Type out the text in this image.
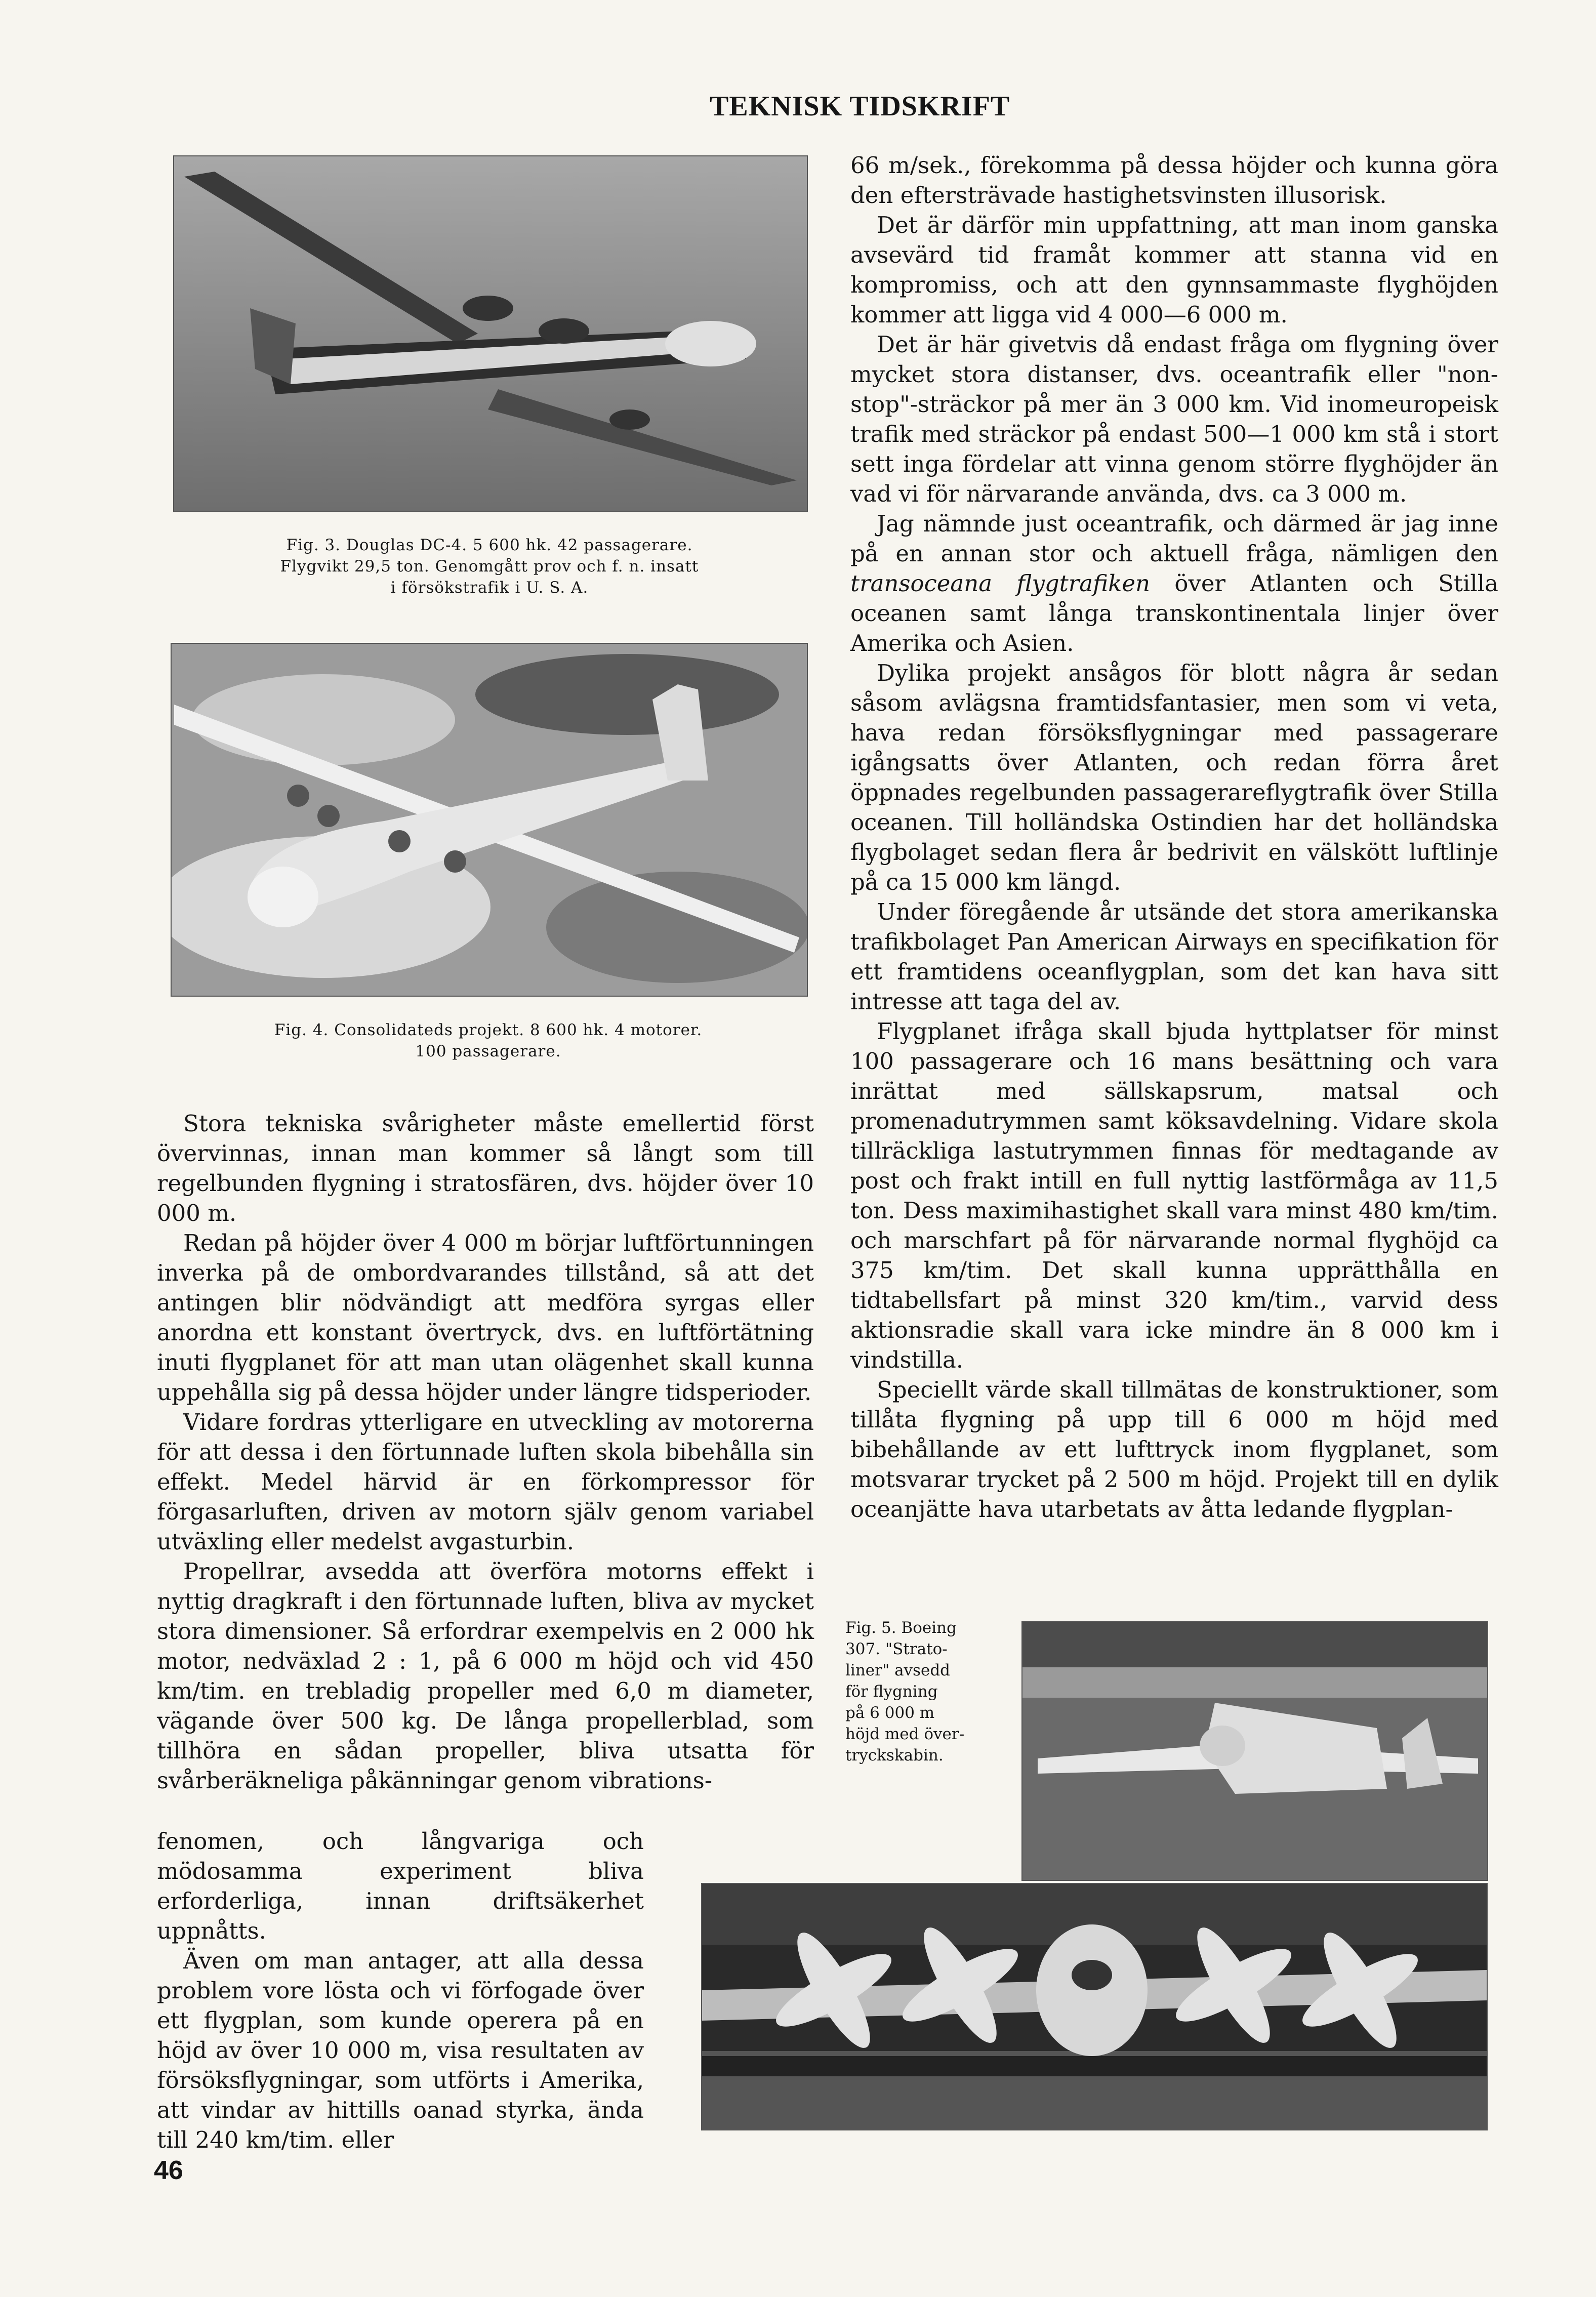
TEKNISK TIDSKRIFT

Fig. 3. Douglas DC-4. 5 600 hk. 42 passagerare.

Flygvikt 29,5 ton. Genomgått prov och f. n. insatt

i försökstrafik i U. S. A.

Fig. 4. Consolidateds projekt. 8 600 hk. 4 motorer.

100 passagerare.

Stora tekniska svårigheter måste emellertid först övervinnas, innan man kommer så långt som till regelbunden flygning i stratosfären, dvs. höjder över 10 000 m.

Redan på höjder över 4 000 m börjar luftförtunningen inverka på de ombordvarandes tillstånd, så att det antingen blir nödvändigt att medföra syrgas eller anordna ett konstant övertryck, dvs. en luftförtätning inuti flygplanet för att man utan olägenhet skall kunna uppehålla sig på dessa höjder under längre tidsperioder.

Vidare fordras ytterligare en utveckling av motorerna för att dessa i den förtunnade luften skola bibehålla sin effekt. Medel härvid är en förkompressor för förgasarluften, driven av motorn själv genom variabel utväxling eller medelst avgasturbin.

Propellrar, avsedda att överföra motorns effekt i nyttig dragkraft i den förtunnade luften, bliva av mycket stora dimensioner. Så erfordrar exempelvis en 2 000 hk motor, nedväxlad 2 : 1, på 6 000 m höjd och vid 450 km/tim. en trebladig propeller med 6,0 m diameter, vägande över 500 kg. De långa propellerblad, som tillhöra en sådan propeller, bliva utsatta för svårberäkneliga påkänningar genom vibrations-

fenomen, och långvariga och mödosamma experiment bliva erforderliga, innan driftsäkerhet uppnåtts.

Även om man antager, att alla dessa problem vore lösta och vi förfogade över ett flygplan, som kunde operera på en höjd av över 10 000 m, visa resultaten av försöksflygningar, som utförts i Amerika, att vindar av hittills oanad styrka, ända till 240 km/tim. eller

66 m/sek., förekomma på dessa höjder och kunna göra den eftersträvade hastighetsvinsten illusorisk.

Det är därför min uppfattning, att man inom ganska avsevärd tid framåt kommer att stanna vid en kompromiss, och att den gynnsammaste flyghöjden kommer att ligga vid 4 000—6 000 m.

Det är här givetvis då endast fråga om flygning över mycket stora distanser, dvs. oceantrafik eller "non-stop"-sträckor på mer än 3 000 km. Vid inomeuropeisk trafik med sträckor på endast 500—1 000 km stå i stort sett inga fördelar att vinna genom större flyghöjder än vad vi för närvarande använda, dvs. ca 3 000 m.

Jag nämnde just oceantrafik, och därmed är jag inne på en annan stor och aktuell fråga, nämligen den transoceana flygtrafiken över Atlanten och Stilla oceanen samt långa transkontinentala linjer över Amerika och Asien.

Dylika projekt ansågos för blott några år sedan såsom avlägsna framtidsfantasier, men som vi veta, hava redan försöksflygningar med passagerare igångsatts över Atlanten, och redan förra året öppnades regelbunden passagerareflygtrafik över Stilla oceanen. Till holländska Ostindien har det holländska flygbolaget sedan flera år bedrivit en välskött luftlinje på ca 15 000 km längd.

Under föregående år utsände det stora amerikanska trafikbolaget Pan American Airways en specifikation för ett framtidens oceanflygplan, som det kan hava sitt intresse att taga del av.

Flygplanet ifråga skall bjuda hyttplatser för minst 100 passagerare och 16 mans besättning och vara inrättat med sällskapsrum, matsal och promenadutrymmen samt köksavdelning. Vidare skola tillräckliga lastutrymmen finnas för medtagande av post och frakt intill en full nyttig lastförmåga av 11,5 ton. Dess maximihastighet skall vara minst 480 km/tim. och marschfart på för närvarande normal flyghöjd ca 375 km/tim. Det skall kunna upprätthålla en tidtabellsfart på minst 320 km/tim., varvid dess aktionsradie skall vara icke mindre än 8 000 km i vindstilla.

Speciellt värde skall tillmätas de konstruktioner, som tillåta flygning på upp till 6 000 m höjd med bibehållande av ett lufttryck inom flygplanet, som motsvarar trycket på 2 500 m höjd. Projekt till en dylik oceanjätte hava utarbetats av åtta ledande flygplan-

Fig. 5. Boeing

307. "Strato-

liner" avsedd

för flygning

på 6 000 m

höjd med över-

tryckskabin.

46
